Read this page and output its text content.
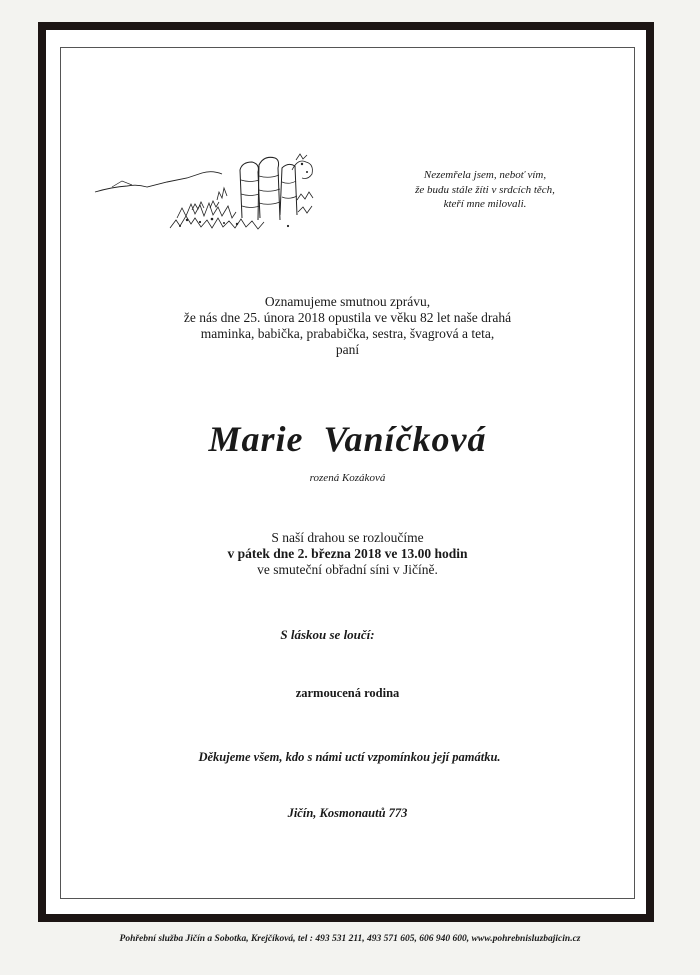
Nezemřela jsem, neboť vím,
že budu stále žíti v srdcích těch,
kteří mne milovali.
Oznamujeme smutnou zprávu,
že nás dne 25. února 2018 opustila ve věku 82 let naše drahá
maminka, babička, prababička, sestra, švagrová a teta,
paní
Marie  Vaníčková
rozená Kozáková
S naší drahou se rozloučíme
v pátek dne 2. března 2018 ve 13.00 hodin
ve smuteční obřadní síni v Jičíně.
S láskou se loučí:
zarmoucená rodina
Děkujeme všem, kdo s námi uctí vzpomínkou její památku.
Jičín, Kosmonautů 773
Pohřební služba Jičín a Sobotka, Krejčíková, tel : 493 531 211, 493 571 605, 606 940 600, www.pohrebnisluzbajicin.cz
